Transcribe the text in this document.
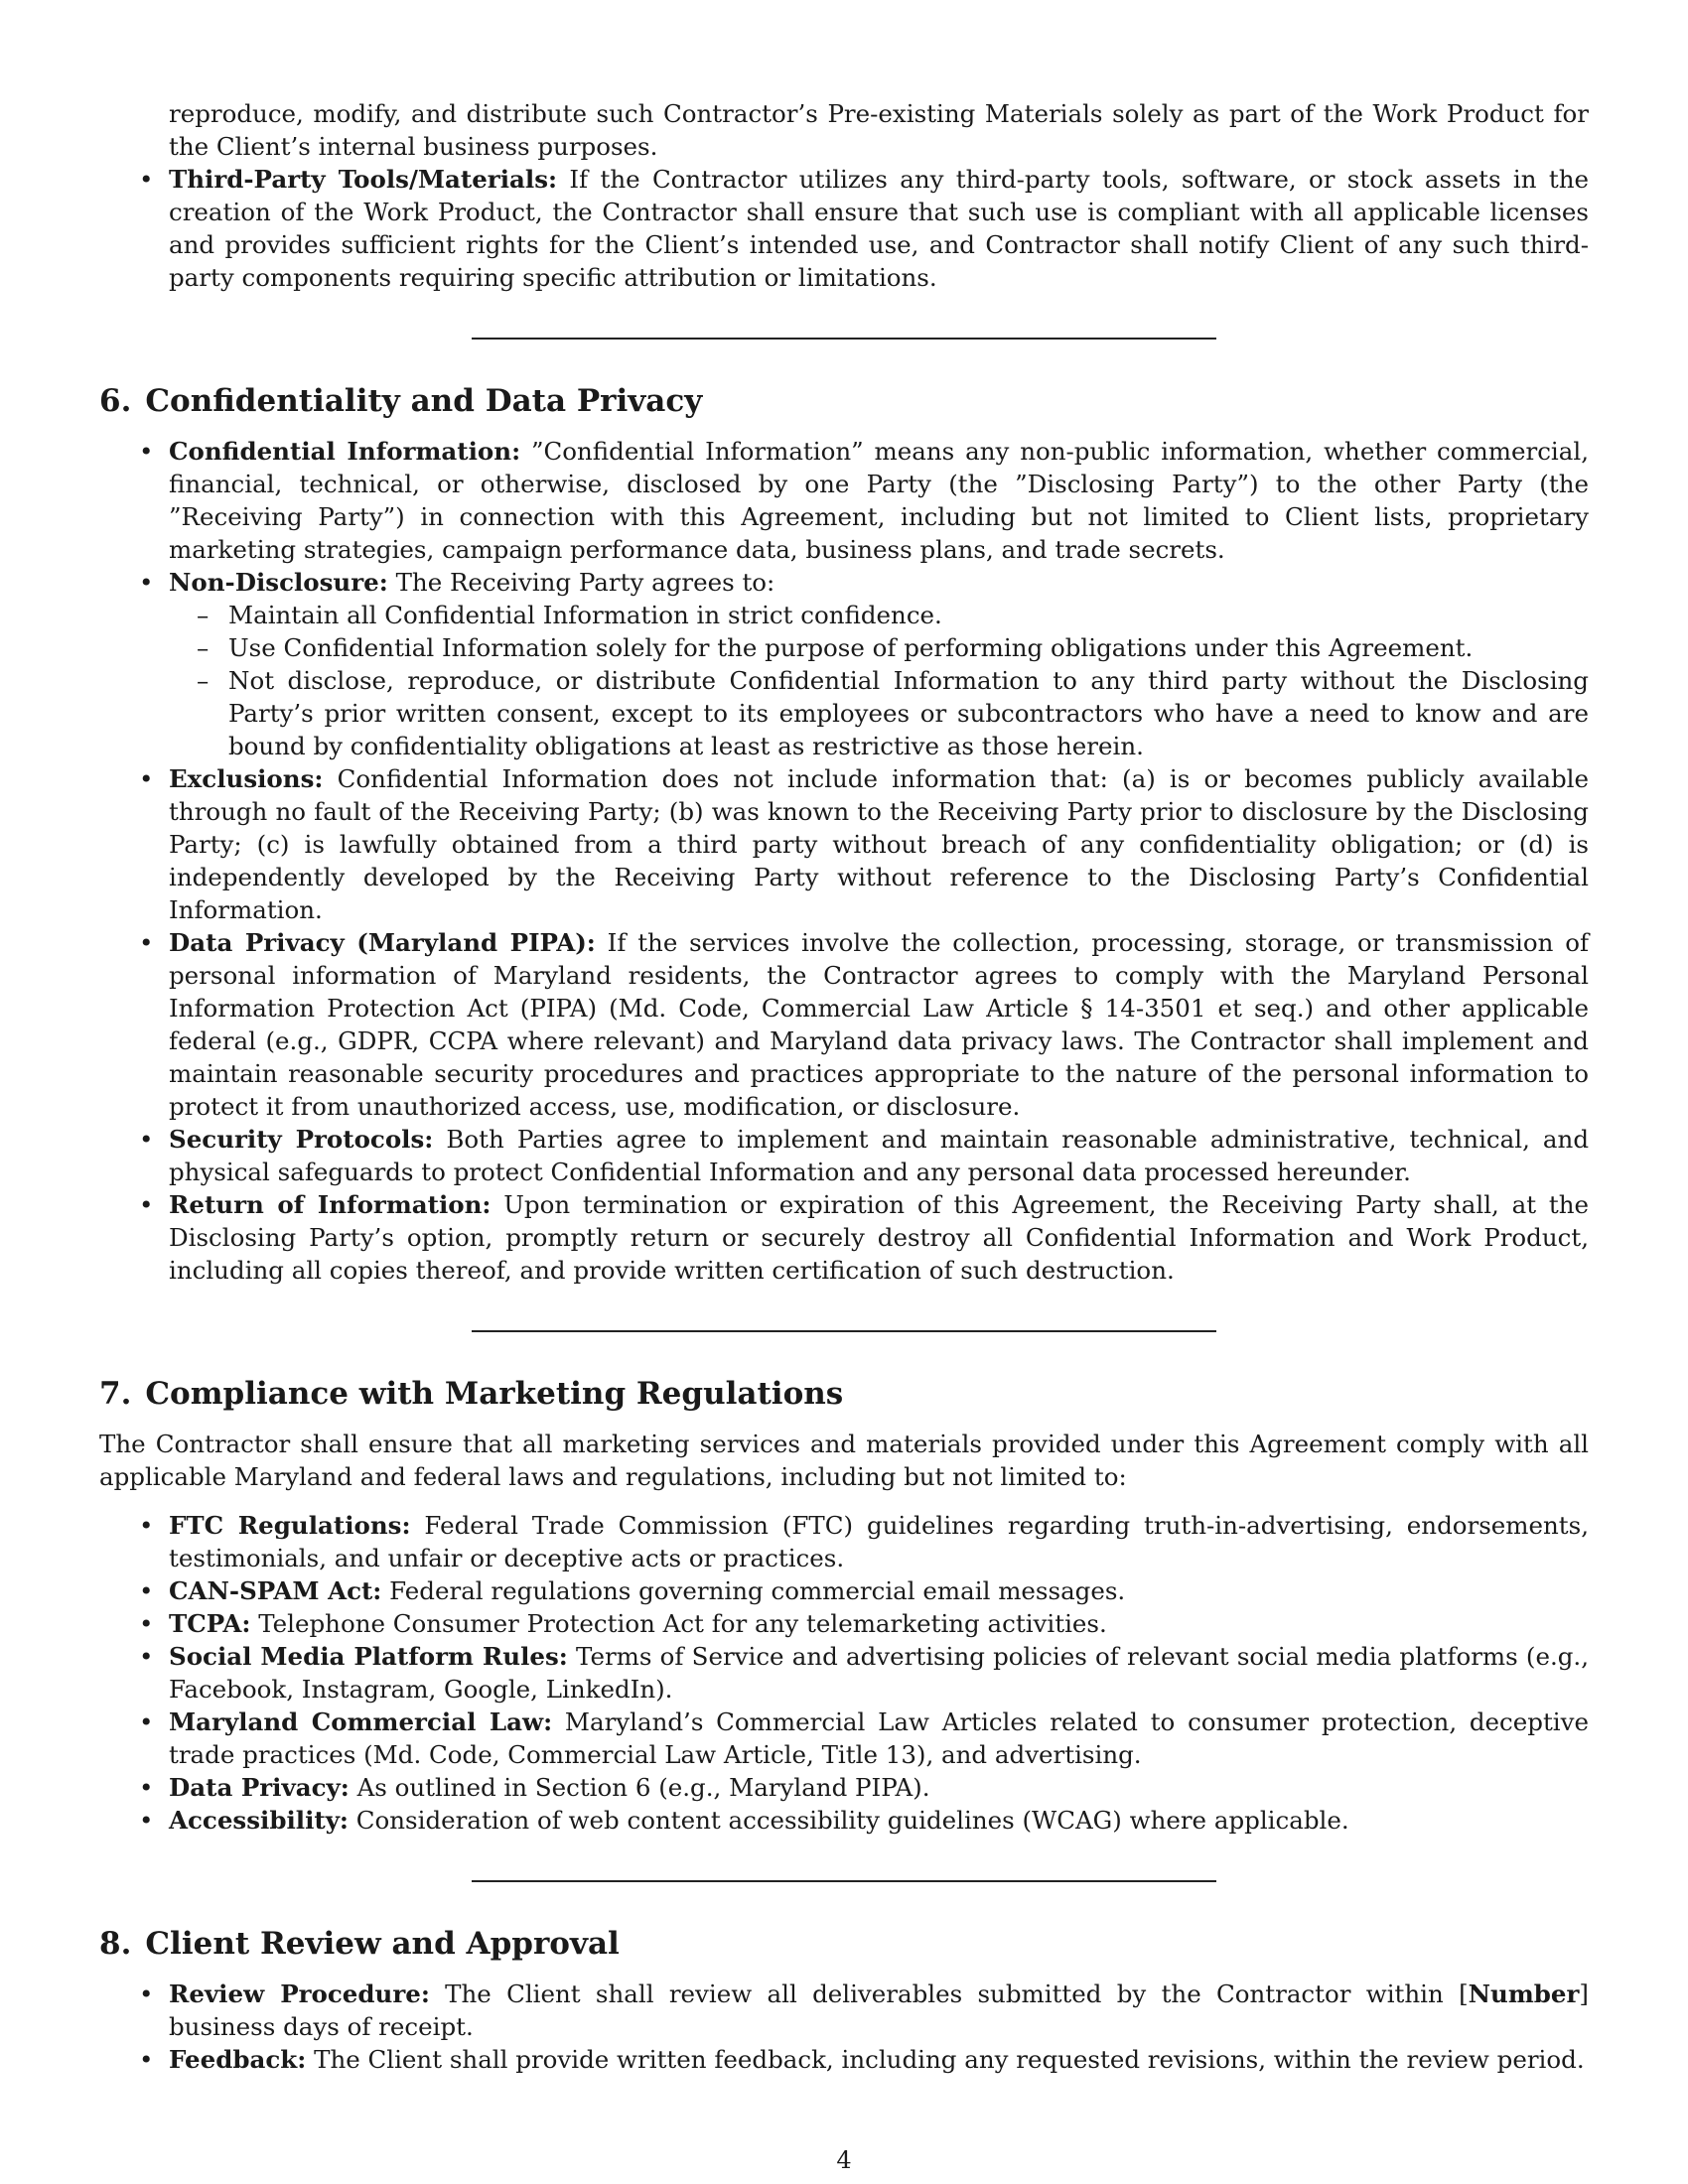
reproduce, modify, and distribute such Contractor’s Pre-existing Materials solely as part of the Work Product for the Client’s internal business purposes.
• Third-Party Tools/Materials: If the Contractor utilizes any third-party tools, software, or stock assets in the creation of the Work Product, the Contractor shall ensure that such use is compliant with all applicable licenses and provides sufficient rights for the Client’s intended use, and Contractor shall notify Client of any such third-party components requiring specific attribution or limitations.
6. Confidentiality and Data Privacy
• Confidential Information: ”Confidential Information” means any non-public information, whether commercial, financial, technical, or otherwise, disclosed by one Party (the ”Disclosing Party”) to the other Party (the ”Receiving Party”) in connection with this Agreement, including but not limited to Client lists, proprietary marketing strategies, campaign performance data, business plans, and trade secrets.
• Non-Disclosure: The Receiving Party agrees to:
– Maintain all Confidential Information in strict confidence.
– Use Confidential Information solely for the purpose of performing obligations under this Agreement.
– Not disclose, reproduce, or distribute Confidential Information to any third party without the Disclosing Party’s prior written consent, except to its employees or subcontractors who have a need to know and are bound by confidentiality obligations at least as restrictive as those herein.
• Exclusions: Confidential Information does not include information that: (a) is or becomes publicly available through no fault of the Receiving Party; (b) was known to the Receiving Party prior to disclosure by the Disclosing Party; (c) is lawfully obtained from a third party without breach of any confidentiality obligation; or (d) is independently developed by the Receiving Party without reference to the Disclosing Party’s Confidential Information.
• Data Privacy (Maryland PIPA): If the services involve the collection, processing, storage, or transmission of personal information of Maryland residents, the Contractor agrees to comply with the Maryland Personal Information Protection Act (PIPA) (Md. Code, Commercial Law Article § 14-3501 et seq.) and other applicable federal (e.g., GDPR, CCPA where relevant) and Maryland data privacy laws. The Contractor shall implement and maintain reasonable security procedures and practices appropriate to the nature of the personal information to protect it from unauthorized access, use, modification, or disclosure.
• Security Protocols: Both Parties agree to implement and maintain reasonable administrative, technical, and physical safeguards to protect Confidential Information and any personal data processed hereunder.
• Return of Information: Upon termination or expiration of this Agreement, the Receiving Party shall, at the Disclosing Party’s option, promptly return or securely destroy all Confidential Information and Work Product, including all copies thereof, and provide written certification of such destruction.
7. Compliance with Marketing Regulations

The Contractor shall ensure that all marketing services and materials provided under this Agreement comply with all applicable Maryland and federal laws and regulations, including but not limited to:

• FTC Regulations: Federal Trade Commission (FTC) guidelines regarding truth-in-advertising, endorsements, testimonials, and unfair or deceptive acts or practices.
• CAN-SPAM Act: Federal regulations governing commercial email messages.
• TCPA: Telephone Consumer Protection Act for any telemarketing activities.
• Social Media Platform Rules: Terms of Service and advertising policies of relevant social media platforms (e.g., Facebook, Instagram, Google, LinkedIn).
• Maryland Commercial Law: Maryland’s Commercial Law Articles related to consumer protection, deceptive trade practices (Md. Code, Commercial Law Article, Title 13), and advertising.
• Data Privacy: As outlined in Section 6 (e.g., Maryland PIPA).
• Accessibility: Consideration of web content accessibility guidelines (WCAG) where applicable.
8. Client Review and Approval
• Review Procedure: The Client shall review all deliverables submitted by the Contractor within [Number] business days of receipt.
• Feedback: The Client shall provide written feedback, including any requested revisions, within the review period.
4
